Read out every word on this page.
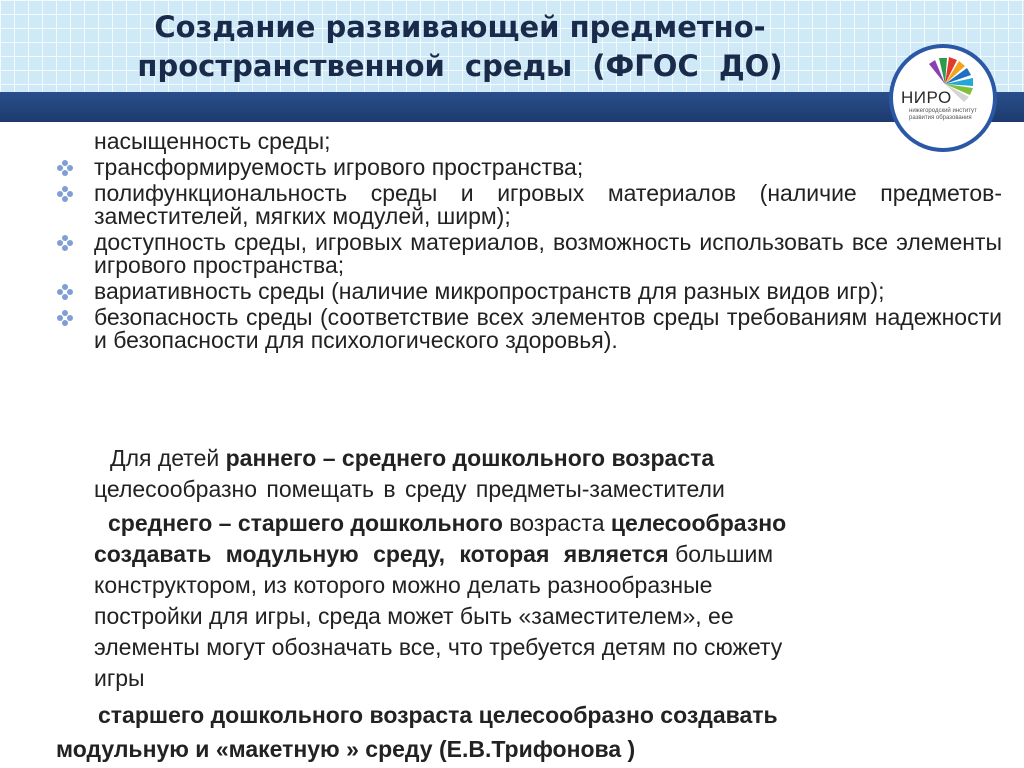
Создание развивающей предметно-
пространственной среды (ФГОС ДО)
НИРО
нижегородский институт развития образования
насыщенность среды;
трансформируемость игрового пространства;
полифункциональность среды и игровых материалов (наличие предметов-заместителей, мягких модулей, ширм);
доступность среды, игровых материалов, возможность использовать все элементы игрового пространства;
вариативность среды (наличие микропространств для разных видов игр);
безопасность среды (соответствие всех элементов среды требованиям надежности и безопасности для психологического здоровья).
Для детей раннего – среднего дошкольного возраста
целесообразно помещать в среду предметы-заместители
среднего – старшего дошкольного возраста целесообразно
создавать модульную среду, которая является большим
конструктором, из которого можно делать разнообразные
постройки для игры, среда может быть «заместителем», ее
элементы могут обозначать все, что требуется детям по сюжету
игры
старшего дошкольного возраста целесообразно создавать
модульную и «макетную » среду (Е.В.Трифонова )
